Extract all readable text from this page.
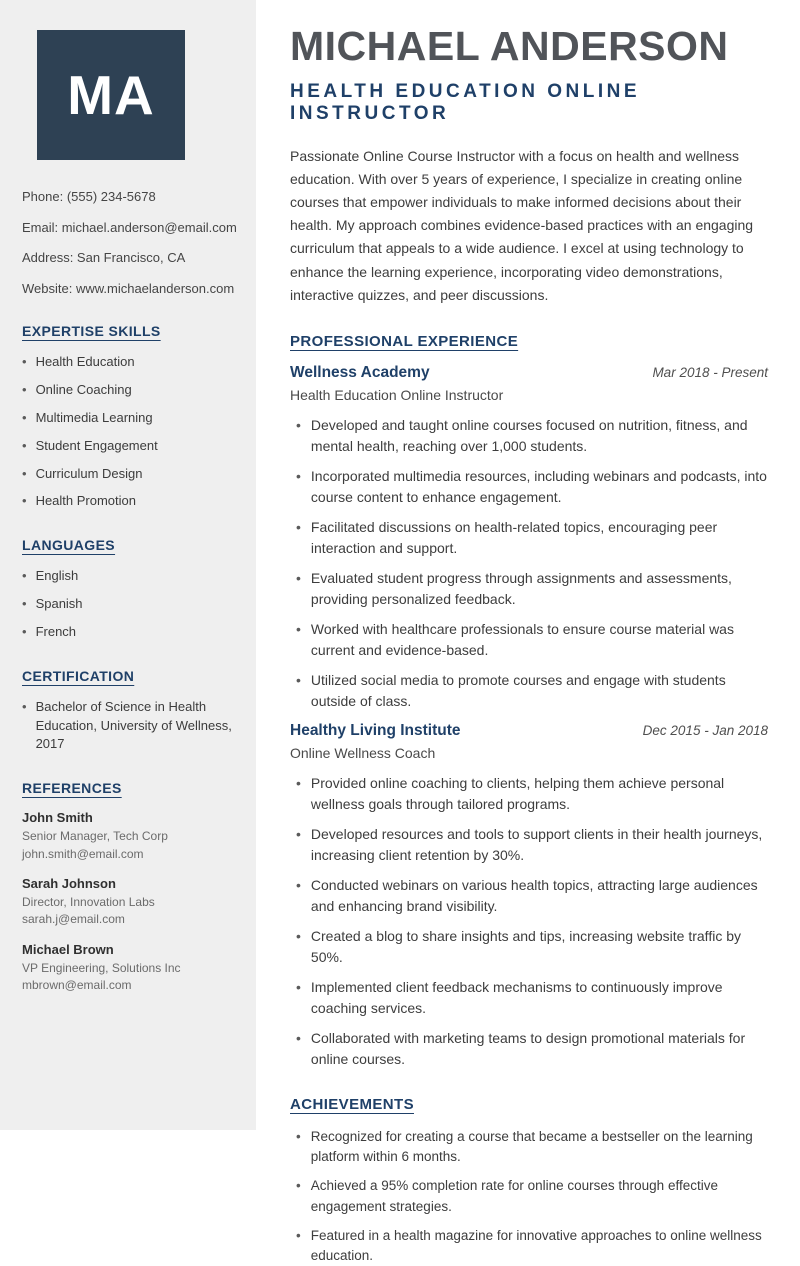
MA
Phone: (555) 234-5678
Email: michael.anderson@email.com
Address: San Francisco, CA
Website: www.michaelanderson.com
EXPERTISE SKILLS
• Health Education
• Online Coaching
• Multimedia Learning
• Student Engagement
• Curriculum Design
• Health Promotion
LANGUAGES
• English
• Spanish
• French
CERTIFICATION
• Bachelor of Science in Health Education, University of Wellness, 2017
REFERENCES
John Smith
Senior Manager, Tech Corp
john.smith@email.com
Sarah Johnson
Director, Innovation Labs
sarah.j@email.com
Michael Brown
VP Engineering, Solutions Inc
mbrown@email.com
MICHAEL ANDERSON
HEALTH EDUCATION ONLINE INSTRUCTOR

Passionate Online Course Instructor with a focus on health and wellness education. With over 5 years of experience, I specialize in creating online courses that empower individuals to make informed decisions about their health. My approach combines evidence-based practices with an engaging curriculum that appeals to a wide audience. I excel at using technology to enhance the learning experience, incorporating video demonstrations, interactive quizzes, and peer discussions.

PROFESSIONAL EXPERIENCE
Wellness Academy	Mar 2018 - Present
Health Education Online Instructor
• Developed and taught online courses focused on nutrition, fitness, and mental health, reaching over 1,000 students.
• Incorporated multimedia resources, including webinars and podcasts, into course content to enhance engagement.
• Facilitated discussions on health-related topics, encouraging peer interaction and support.
• Evaluated student progress through assignments and assessments, providing personalized feedback.
• Worked with healthcare professionals to ensure course material was current and evidence-based.
• Utilized social media to promote courses and engage with students outside of class.
Healthy Living Institute	Dec 2015 - Jan 2018
Online Wellness Coach
• Provided online coaching to clients, helping them achieve personal wellness goals through tailored programs.
• Developed resources and tools to support clients in their health journeys, increasing client retention by 30%.
• Conducted webinars on various health topics, attracting large audiences and enhancing brand visibility.
• Created a blog to share insights and tips, increasing website traffic by 50%.
• Implemented client feedback mechanisms to continuously improve coaching services.
• Collaborated with marketing teams to design promotional materials for online courses.
ACHIEVEMENTS
• Recognized for creating a course that became a bestseller on the learning platform within 6 months.
• Achieved a 95% completion rate for online courses through effective engagement strategies.
• Featured in a health magazine for innovative approaches to online wellness education.
